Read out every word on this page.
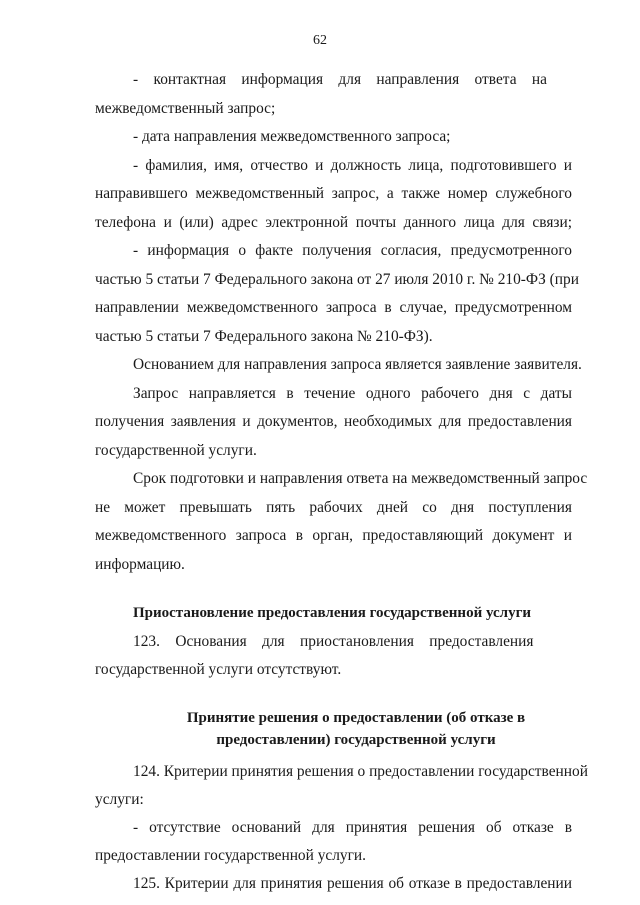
62
- контактная информация для направления ответа на
межведомственный запрос;
- дата направления межведомственного запроса;
- фамилия, имя, отчество и должность лица, подготовившего и
направившего межведомственный запрос, а также номер служебного
телефона и (или) адрес электронной почты данного лица для связи;
- информация о факте получения согласия, предусмотренного
частью 5 статьи 7 Федерального закона от 27 июля 2010 г. № 210-ФЗ (при
направлении межведомственного запроса в случае, предусмотренном
частью 5 статьи 7 Федерального закона № 210-ФЗ).
Основанием для направления запроса является заявление заявителя.
Запрос направляется в течение одного рабочего дня с даты
получения заявления и документов, необходимых для предоставления
государственной услуги.
Срок подготовки и направления ответа на межведомственный запрос
не может превышать пять рабочих дней со дня поступления
межведомственного запроса в орган, предоставляющий документ и
информацию.
Приостановление предоставления государственной услуги
123. Основания для приостановления предоставления
государственной услуги отсутствуют.
Принятие решения о предоставлении (об отказе в
предоставлении) государственной услуги
124. Критерии принятия решения о предоставлении государственной
услуги:
- отсутствие оснований для принятия решения об отказе в
предоставлении государственной услуги.
125. Критерии для принятия решения об отказе в предоставлении
